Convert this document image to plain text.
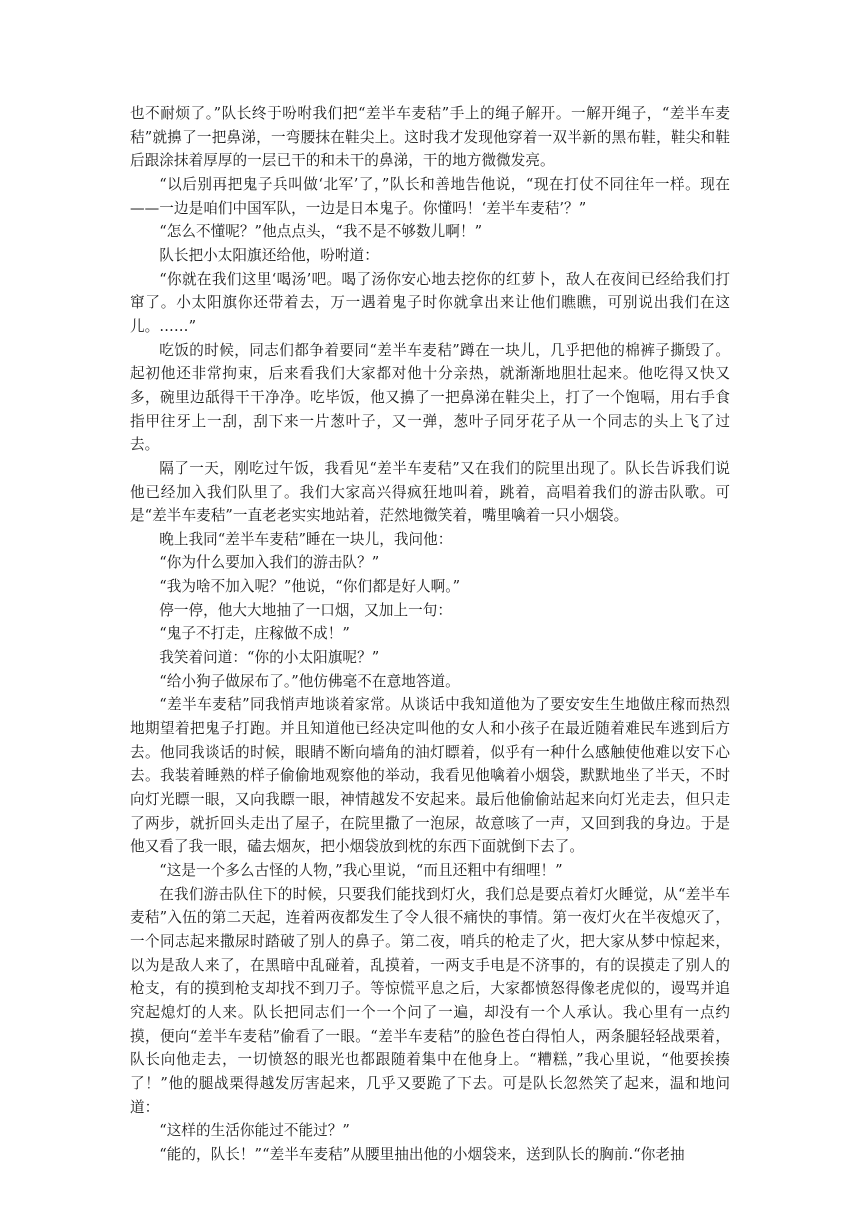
也不耐烦了。”队长终于吩咐我们把“差半车麦秸”手上的绳子解开。一解开绳子，“差半车麦秸”就擤了一把鼻涕，一弯腰抹在鞋尖上。这时我才发现他穿着一双半新的黑布鞋，鞋尖和鞋后跟涂抹着厚厚的一层已干的和未干的鼻涕，干的地方微微发亮。

“以后别再把鬼子兵叫做‘北军’了，”队长和善地告他说，“现在打仗不同往年一样。现在——一边是咱们中国军队，一边是日本鬼子。你懂吗！‘差半车麦秸’？”

“怎么不懂呢？”他点点头，“我不是不够数儿啊！”

队长把小太阳旗还给他，吩咐道：

“你就在我们这里‘喝汤’吧。喝了汤你安心地去挖你的红萝卜，敌人在夜间已经给我们打窜了。小太阳旗你还带着去，万一遇着鬼子时你就拿出来让他们瞧瞧，可别说出我们在这儿。……”

吃饭的时候，同志们都争着要同“差半车麦秸”蹲在一块儿，几乎把他的棉裤子撕毁了。起初他还非常拘束，后来看我们大家都对他十分亲热，就渐渐地胆壮起来。他吃得又快又多，碗里边舐得干干净净。吃毕饭，他又擤了一把鼻涕在鞋尖上，打了一个饱嗝，用右手食指甲往牙上一刮，刮下来一片葱叶子，又一弹，葱叶子同牙花子从一个同志的头上飞了过去。

隔了一天，刚吃过午饭，我看见“差半车麦秸”又在我们的院里出现了。队长告诉我们说他已经加入我们队里了。我们大家高兴得疯狂地叫着，跳着，高唱着我们的游击队歌。可是“差半车麦秸”一直老老实实地站着，茫然地微笑着，嘴里噙着一只小烟袋。

晚上我同“差半车麦秸”睡在一块儿，我问他：

“你为什么要加入我们的游击队？”

“我为啥不加入呢？”他说，“你们都是好人啊。”

停一停，他大大地抽了一口烟，又加上一句：

“鬼子不打走，庄稼做不成！”

我笑着问道：“你的小太阳旗呢？”

“给小狗子做尿布了。”他仿佛毫不在意地答道。

“差半车麦秸”同我悄声地谈着家常。从谈话中我知道他为了要安安生生地做庄稼而热烈地期望着把鬼子打跑。并且知道他已经决定叫他的女人和小孩子在最近随着难民车逃到后方去。他同我谈话的时候，眼睛不断向墙角的油灯瞟着，似乎有一种什么感触使他难以安下心去。我装着睡熟的样子偷偷地观察他的举动，我看见他噙着小烟袋，默默地坐了半天，不时向灯光瞟一眼，又向我瞟一眼，神情越发不安起来。最后他偷偷站起来向灯光走去，但只走了两步，就折回头走出了屋子，在院里撒了一泡尿，故意咳了一声，又回到我的身边。于是他又看了我一眼，磕去烟灰，把小烟袋放到枕的东西下面就倒下去了。

“这是一个多么古怪的人物，”我心里说，“而且还粗中有细哩！”

在我们游击队住下的时候，只要我们能找到灯火，我们总是要点着灯火睡觉，从“差半车麦秸”入伍的第二天起，连着两夜都发生了令人很不痛快的事情。第一夜灯火在半夜熄灭了，一个同志起来撒尿时踏破了别人的鼻子。第二夜，哨兵的枪走了火，把大家从梦中惊起来，以为是敌人来了，在黑暗中乱碰着，乱摸着，一两支手电是不济事的，有的误摸走了别人的枪支，有的摸到枪支却找不到刀子。等惊慌平息之后，大家都愤怒得像老虎似的，谩骂并追究起熄灯的人来。队长把同志们一个一个问了一遍，却没有一个人承认。我心里有一点约摸，便向“差半车麦秸”偷看了一眼。“差半车麦秸”的脸色苍白得怕人，两条腿轻轻战栗着，队长向他走去，一切愤怒的眼光也都跟随着集中在他身上。“糟糕，”我心里说，“他要挨揍了！”他的腿战栗得越发厉害起来，几乎又要跪了下去。可是队长忽然笑了起来，温和地问道：

“这样的生活你能过不能过？”

“能的，队长！”“差半车麦秸”从腰里抽出他的小烟袋来，送到队长的胸前.“你老抽
